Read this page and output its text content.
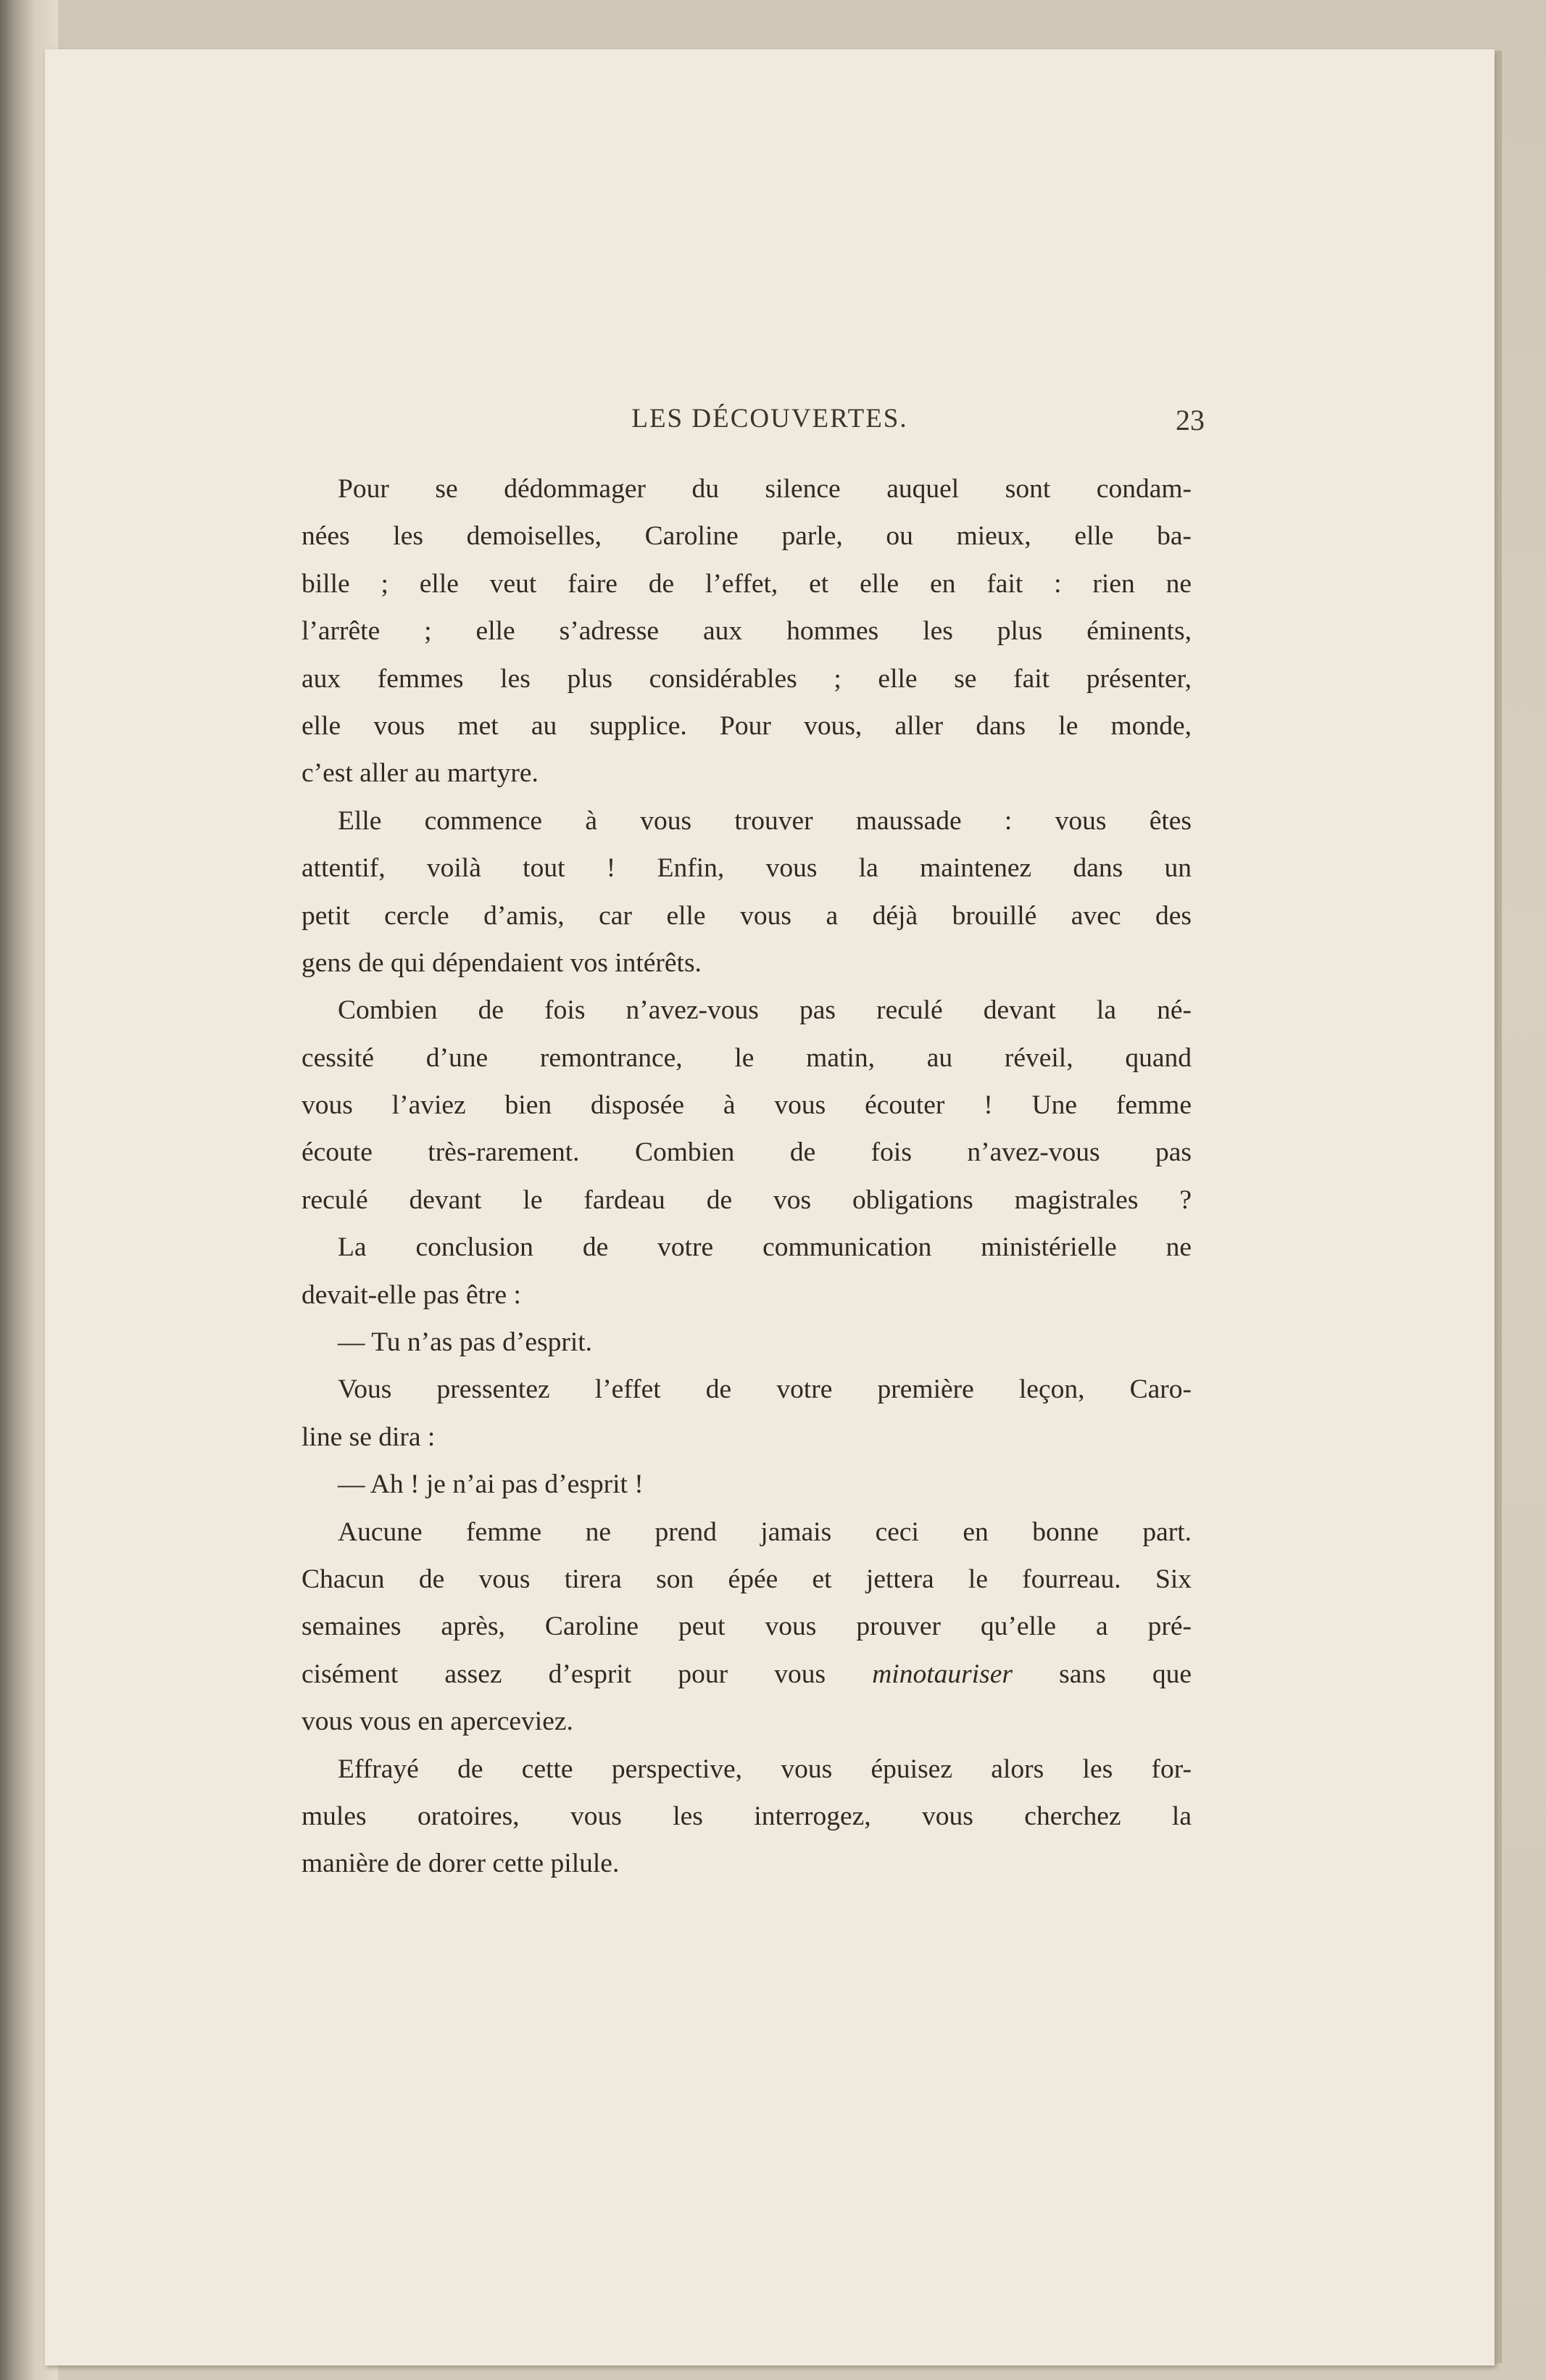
LES DÉCOUVERTES.	23
Pour se dédommager du silence auquel sont condam-
nées les demoiselles, Caroline parle, ou mieux, elle ba-
bille ; elle veut faire de l’effet, et elle en fait : rien ne
l’arrête ; elle s’adresse aux hommes les plus éminents,
aux femmes les plus considérables ; elle se fait présenter,
elle vous met au supplice. Pour vous, aller dans le monde,
c’est aller au martyre.
Elle commence à vous trouver maussade : vous êtes
attentif, voilà tout ! Enfin, vous la maintenez dans un
petit cercle d’amis, car elle vous a déjà brouillé avec des
gens de qui dépendaient vos intérêts.
Combien de fois n’avez-vous pas reculé devant la né-
cessité d’une remontrance, le matin, au réveil, quand
vous l’aviez bien disposée à vous écouter ! Une femme
écoute très-rarement. Combien de fois n’avez-vous pas
reculé devant le fardeau de vos obligations magistrales ?
La conclusion de votre communication ministérielle ne
devait-elle pas être :
— Tu n’as pas d’esprit.
Vous pressentez l’effet de votre première leçon, Caro-
line se dira :
— Ah ! je n’ai pas d’esprit !
Aucune femme ne prend jamais ceci en bonne part.
Chacun de vous tirera son épée et jettera le fourreau. Six
semaines après, Caroline peut vous prouver qu’elle a pré-
cisément assez d’esprit pour vous minotauriser sans que
vous vous en aperceviez.
Effrayé de cette perspective, vous épuisez alors les for-
mules oratoires, vous les interrogez, vous cherchez la
manière de dorer cette pilule.
